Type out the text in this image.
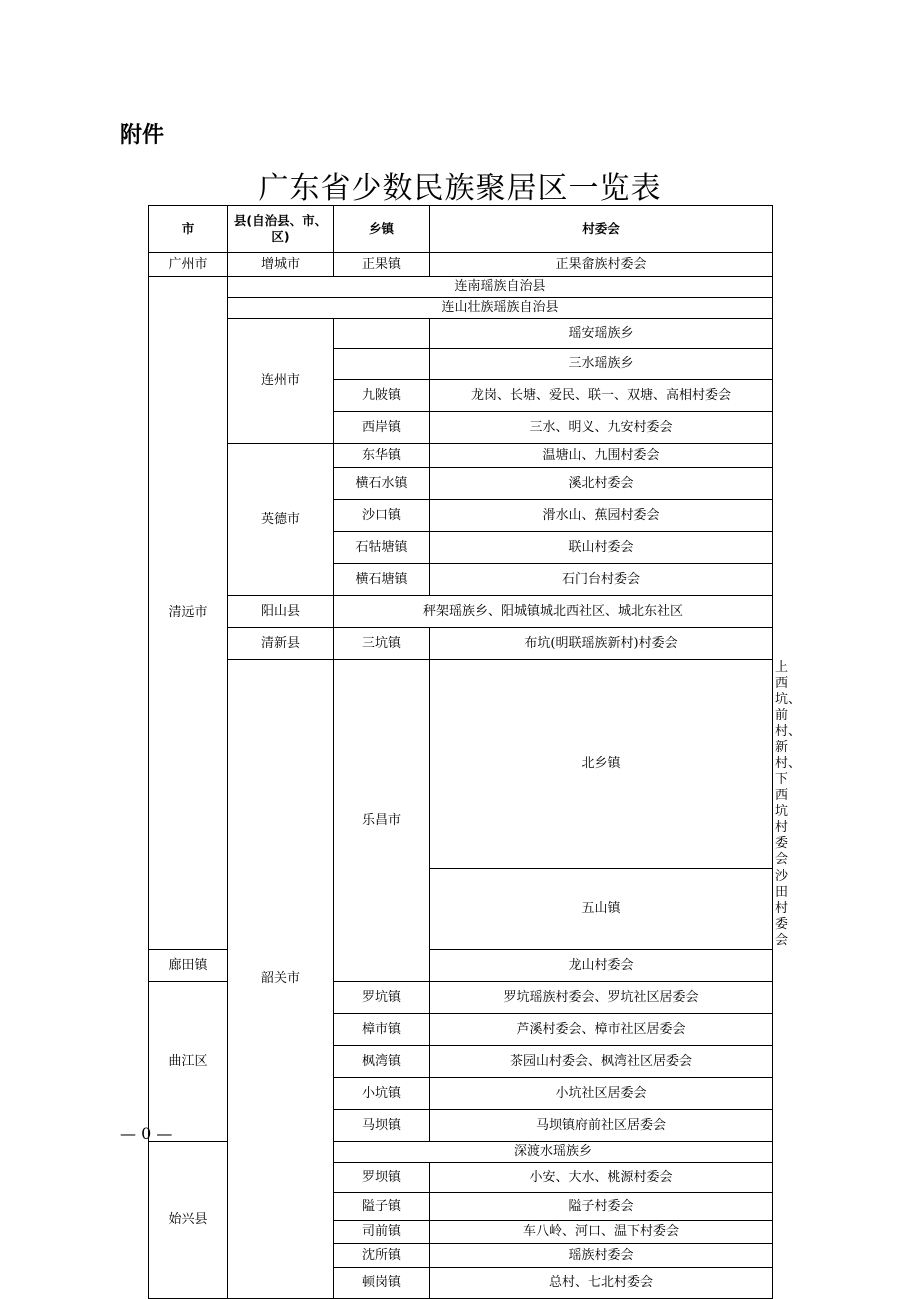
附件
广东省少数民族聚居区一览表
市	县(自治县、市、区)	乡镇	村委会	
广州市	增城市	正果镇	正果畲族村委会	
清远市	连南瑶族自治县			
	连山壮族瑶族自治县			
	连州市		瑶安瑶族乡	
			三水瑶族乡	
		九陂镇	龙岗、长塘、爱民、联一、双塘、高相村委会	
		西岸镇	三水、明义、九安村委会	
	英德市	东华镇	温塘山、九围村委会	
		横石水镇	溪北村委会	
		沙口镇	滑水山、蕉园村委会	
		石牯塘镇	联山村委会	
		横石塘镇	石门台村委会	
	阳山县	秤架瑶族乡、阳城镇城北西社区、城北东社区		
	清新县	三坑镇	布坑(明联瑶族新村)村委会	
	韶关市	乐昌市	北乡镇	上西坑、前村、新村、下西坑村委会
			五山镇	沙田村委会
廊田镇			龙山村委会	
曲江区		罗坑镇	罗坑瑶族村委会、罗坑社区居委会	
		樟市镇	芦溪村委会、樟市社区居委会	
		枫湾镇	茶园山村委会、枫湾社区居委会	
		小坑镇	小坑社区居委会	
		马坝镇	马坝镇府前社区居委会	
始兴县		深渡水瑶族乡		
		罗坝镇	小安、大水、桃源村委会	
		隘子镇	隘子村委会	
		司前镇	车八岭、河口、温下村委会	
		沈所镇	瑶族村委会	
		顿岗镇	总村、七北村委会	
— 0 —
